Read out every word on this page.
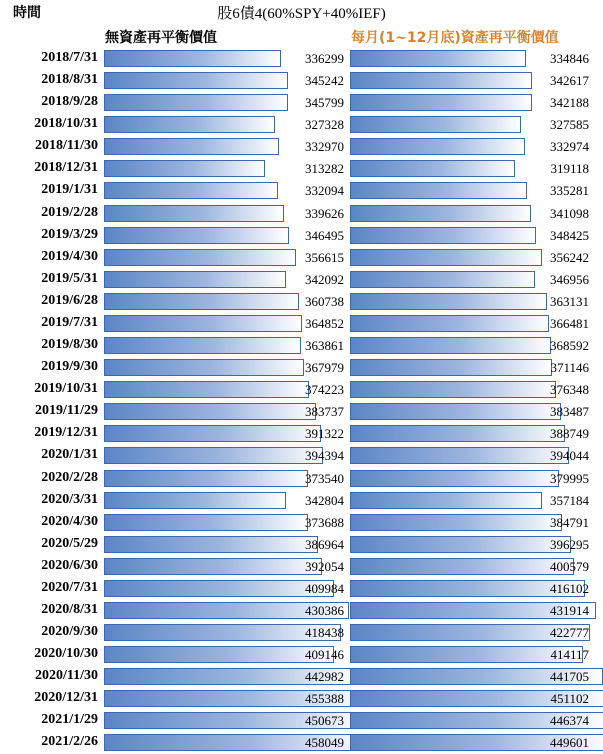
股6債4(60%SPY+40%IEF)
時間
無資產再平衡價值	每月(1~12月底)資產再平衡價值
2018/7/31	336299	334846
2018/8/31	345242	342617
2018/9/28	345799	342188
2018/10/31	327328	327585
2018/11/30	332970	332974
2018/12/31	313282	319118
2019/1/31	332094	335281
2019/2/28	339626	341098
2019/3/29	346495	348425
2019/4/30	356615	356242
2019/5/31	342092	346956
2019/6/28	360738	363131
2019/7/31	364852	366481
2019/8/30	363861	368592
2019/9/30	367979	371146
2019/10/31	374223	376348
2019/11/29	383737	383487
2019/12/31	391322	388749
2020/1/31	394394	394044
2020/2/28	373540	379995
2020/3/31	342804	357184
2020/4/30	373688	384791
2020/5/29	386964	396295
2020/6/30	392054	400579
2020/7/31	409984	416102
2020/8/31	430386	431914
2020/9/30	418438	422777
2020/10/30	409146	414117
2020/11/30	442982	441705
2020/12/31	455388	451102
2021/1/29	450673	446374
2021/2/26	458049	449601
